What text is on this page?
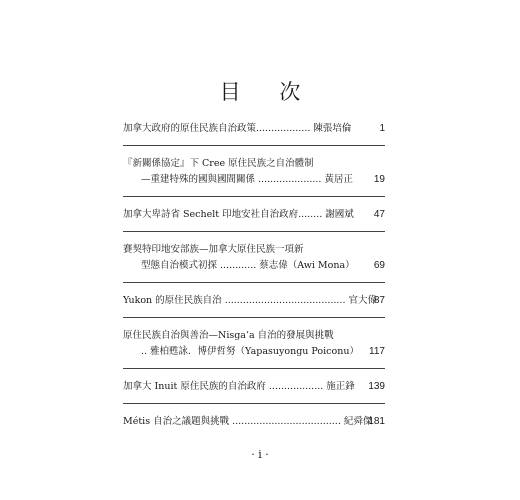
目 次
加拿大政府的原住民族自治政策.................. 陳張培倫	1
『新關係協定』下 Cree 原住民族之自治體制
—重建特殊的國與國間關係 ..................... 黃居正 19
加拿大卑詩省 Sechelt 印地安社自治政府........ 謝國斌 47
賽契特印地安部族—加拿大原住民族一項新
型態自治模式初探 ............ 蔡志偉（Awi Mona） 69
Yukon 的原住民族自治 ........................................ 官大偉
87
原住民族自治與善治—Nisga’a 自治的發展與挑戰
.. 雅柏甦詠．博伊哲努（Yapasuyongu Poiconu） 117
加拿大 Inuit 原住民族的自治政府 .................. 施正鋒 139
Métis 自治之議題與挑戰 .................................... 紀舜傑
181
· i ·
